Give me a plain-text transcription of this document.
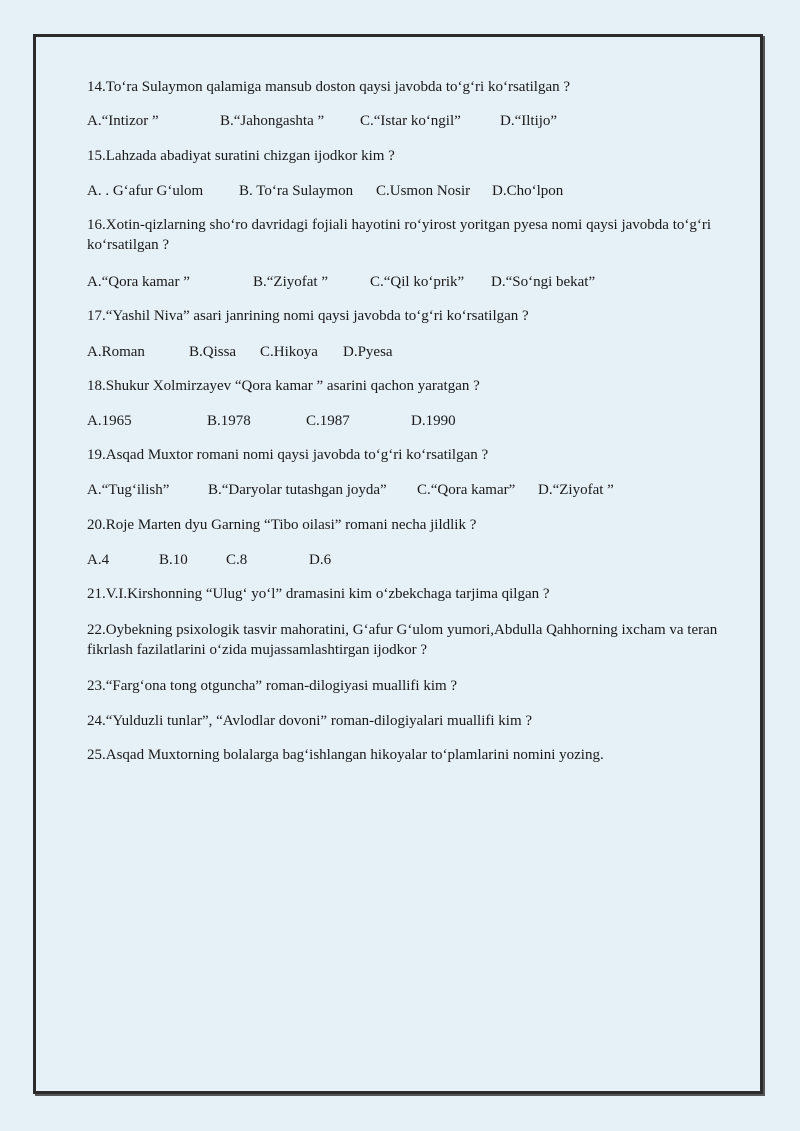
14.To‘ra Sulaymon qalamiga mansub doston qaysi javobda to‘g‘ri ko‘rsatilgan ?
A.“Intizor ”	B.“Jahongashta ”	C.“Istar ko‘ngil”	D.“Iltijo”
15.Lahzada abadiyat suratini chizgan ijodkor kim ?
A. . G‘afur G‘ulom	B. To‘ra Sulaymon	C.Usmon Nosir	D.Cho‘lpon
16.Xotin-qizlarning sho‘ro davridagi fojiali hayotini ro‘yirost yoritgan pyesa nomi qaysi javobda to‘g‘ri ko‘rsatilgan ?
A.“Qora kamar ”	B.“Ziyofat ”	C.“Qil ko‘prik”	D.“So‘ngi bekat”
17.“Yashil Niva” asari janrining nomi qaysi javobda to‘g‘ri ko‘rsatilgan ?
A.Roman	B.Qissa	C.Hikoya	D.Pyesa
18.Shukur Xolmirzayev “Qora kamar ” asarini qachon yaratgan ?
A.1965	B.1978	C.1987	D.1990
19.Asqad Muxtor romani nomi qaysi javobda to‘g‘ri ko‘rsatilgan ?
A.“Tug‘ilish”	B.“Daryolar tutashgan joyda”	C.“Qora kamar”	D.“Ziyofat ”
20.Roje Marten dyu Garning “Tibo oilasi” romani necha jildlik ?
A.4	B.10	C.8	D.6
21.V.I.Kirshonning “Ulug‘ yo‘l” dramasini kim o‘zbekchaga tarjima qilgan ?
22.Oybekning psixologik tasvir mahoratini, G‘afur G‘ulom yumori,Abdulla Qahhorning ixcham va teran fikrlash fazilatlarini o‘zida mujassamlashtirgan ijodkor ?
23.“Farg‘ona tong otguncha” roman-dilogiyasi muallifi kim ?
24.“Yulduzli tunlar”, “Avlodlar dovoni” roman-dilogiyalari muallifi kim ?
25.Asqad Muxtorning bolalarga bag‘ishlangan hikoyalar to‘plamlarini nomini yozing.
